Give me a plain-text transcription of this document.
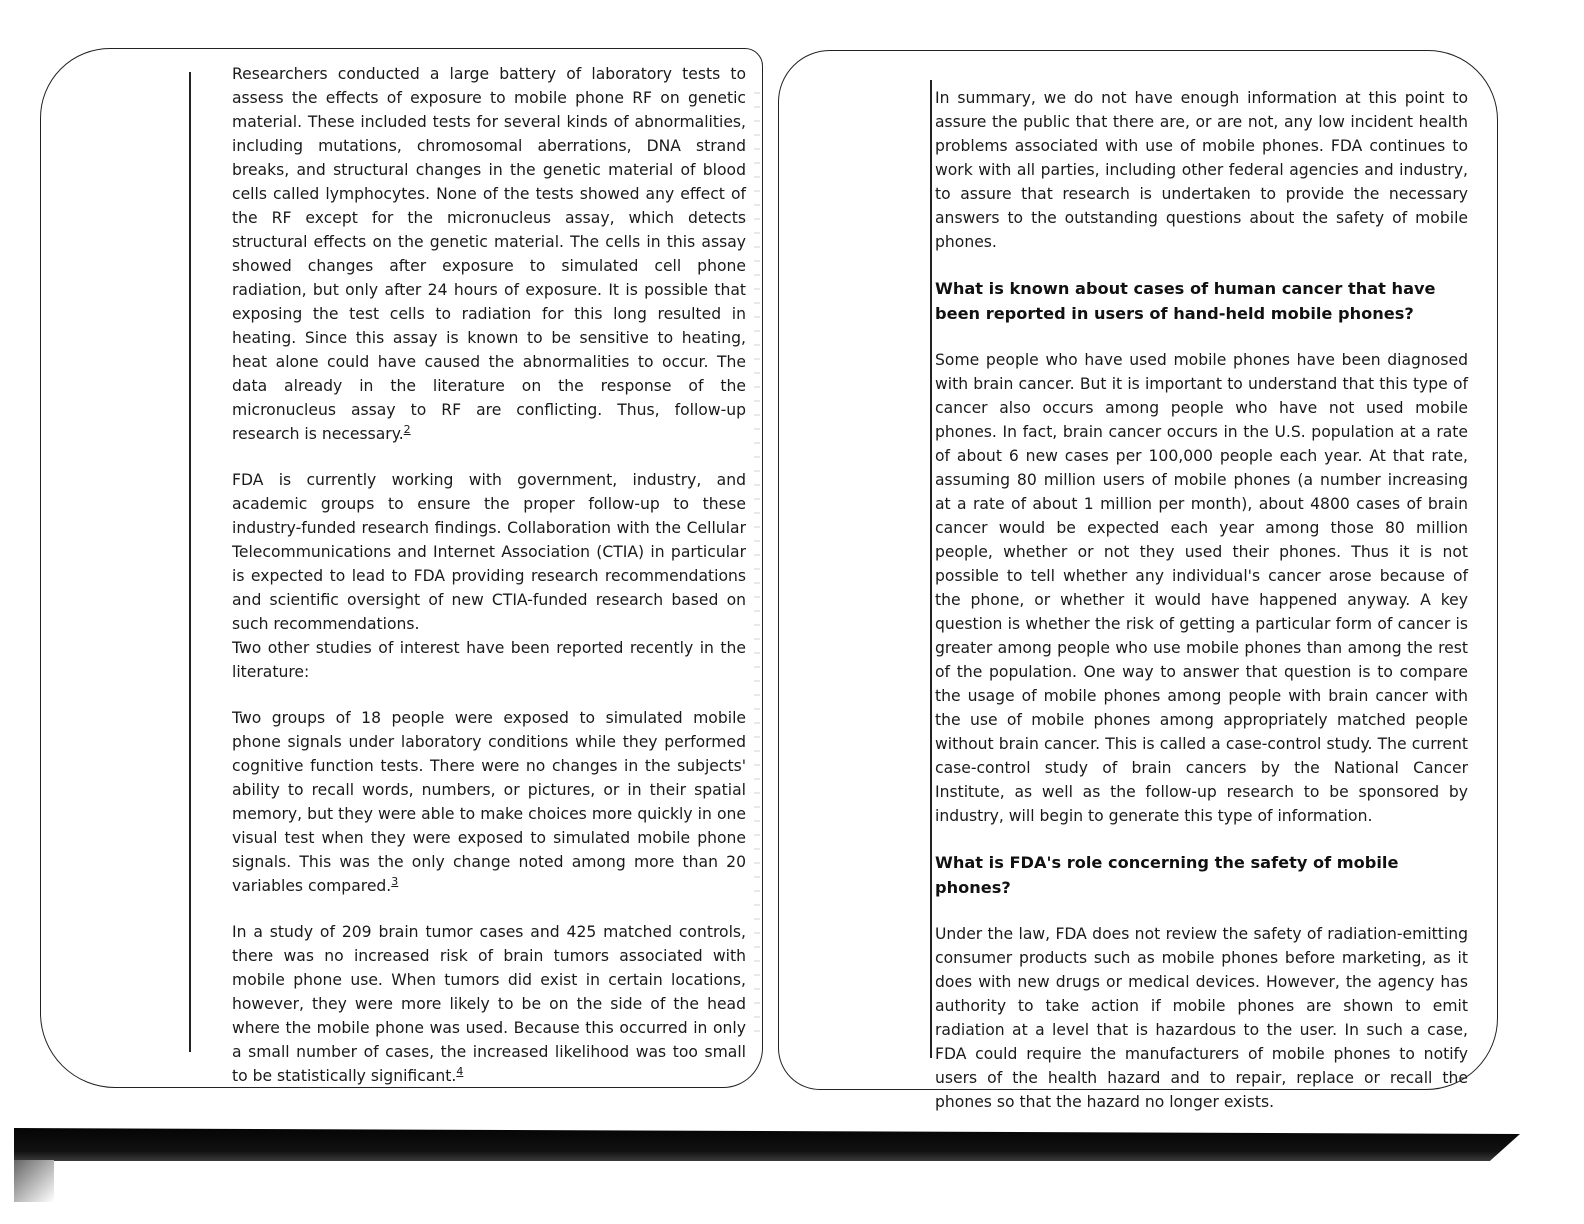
Researchers conducted a large battery of laboratory tests to assess the effects of exposure to mobile phone RF on genetic material. These included tests for several kinds of abnormalities, including mutations, chromosomal aberrations, DNA strand breaks, and structural changes in the genetic material of blood cells called lymphocytes. None of the tests showed any effect of the RF except for the micronucleus assay, which detects structural effects on the genetic material. The cells in this assay showed changes after exposure to simulated cell phone radiation, but only after 24 hours of exposure. It is possible that exposing the test cells to radiation for this long resulted in heating. Since this assay is known to be sensitive to heating, heat alone could have caused the abnormalities to occur. The data already in the literature on the response of the micronucleus assay to RF are conflicting. Thus, follow-up research is necessary.$^2$

FDA is currently working with government, industry, and academic groups to ensure the proper follow-up to these industry-funded research findings. Collaboration with the Cellular Telecommunications and Internet Association (CTIA) in particular is expected to lead to FDA providing research recommendations and scientific oversight of new CTIA-funded research based on such recommendations.

Two other studies of interest have been reported recently in the literature:

Two groups of 18 people were exposed to simulated mobile phone signals under laboratory conditions while they performed cognitive function tests. There were no changes in the subjects' ability to recall words, numbers, or pictures, or in their spatial memory, but they were able to make choices more quickly in one visual test when they were exposed to simulated mobile phone signals. This was the only change noted among more than 20 variables compared.$^3$

In a study of 209 brain tumor cases and 425 matched controls, there was no increased risk of brain tumors associated with mobile phone use. When tumors did exist in certain locations, however, they were more likely to be on the side of the head where the mobile phone was used. Because this occurred in only a small number of cases, the increased likelihood was too small to be statistically significant.$^4$

In summary, we do not have enough information at this point to assure the public that there are, or are not, any low incident health problems associated with use of mobile phones. FDA continues to work with all parties, including other federal agencies and industry, to assure that research is undertaken to provide the necessary answers to the outstanding questions about the safety of mobile phones.

What is known about cases of human cancer that have been reported in users of hand-held mobile phones?

Some people who have used mobile phones have been diagnosed with brain cancer. But it is important to understand that this type of cancer also occurs among people who have not used mobile phones. In fact, brain cancer occurs in the U.S. population at a rate of about 6 new cases per 100,000 people each year. At that rate, assuming 80 million users of mobile phones (a number increasing at a rate of about 1 million per month), about 4800 cases of brain cancer would be expected each year among those 80 million people, whether or not they used their phones. Thus it is not possible to tell whether any individual's cancer arose because of the phone, or whether it would have happened anyway. A key question is whether the risk of getting a particular form of cancer is greater among people who use mobile phones than among the rest of the population. One way to answer that question is to compare the usage of mobile phones among people with brain cancer with the use of mobile phones among appropriately matched people without brain cancer. This is called a case-control study. The current case-control study of brain cancers by the National Cancer Institute, as well as the follow-up research to be sponsored by industry, will begin to generate this type of information.

What is FDA's role concerning the safety of mobile phones?

Under the law, FDA does not review the safety of radiation-emitting consumer products such as mobile phones before marketing, as it does with new drugs or medical devices. However, the agency has authority to take action if mobile phones are shown to emit radiation at a level that is hazardous to the user. In such a case, FDA could require the manufacturers of mobile phones to notify users of the health hazard and to repair, replace or recall the phones so that the hazard no longer exists.
